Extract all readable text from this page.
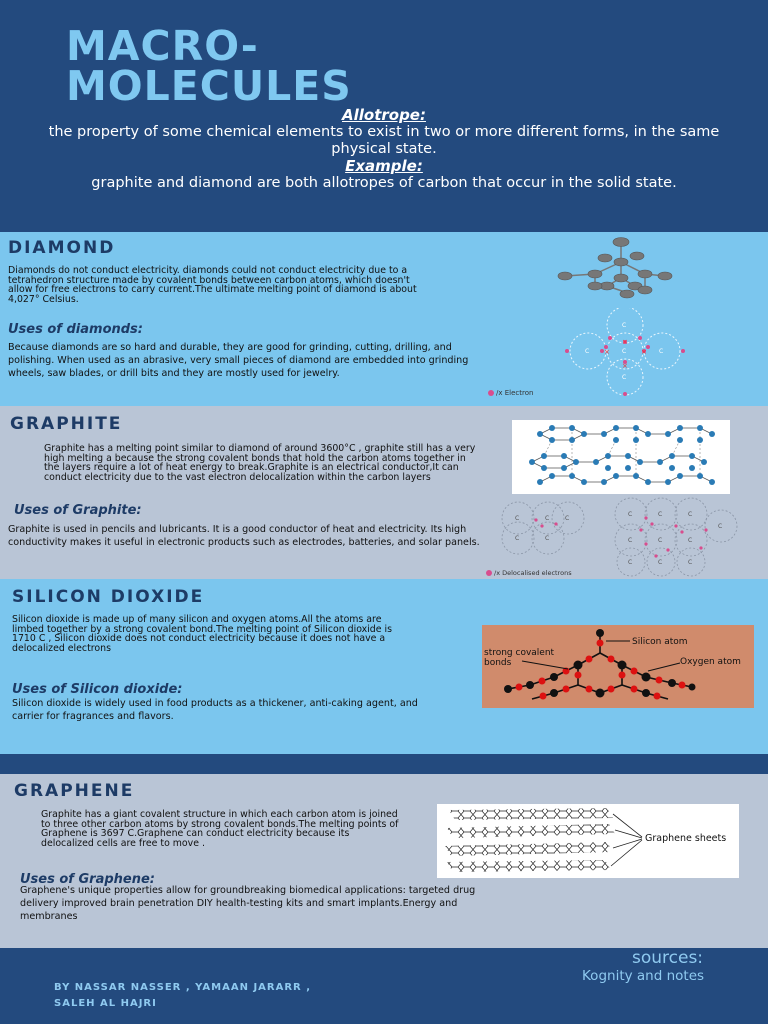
MACRO-
MOLECULES
Allotrope:
the property of some chemical elements to exist in two or more different forms, in the same physical state.
Example:
graphite and diamond are both allotropes of carbon that occur in the solid state.
DIAMOND
Diamonds do not conduct electricity. diamonds could not conduct electricity due to a tetrahedron structure made by covalent bonds between carbon atoms, which doesn't allow for free electrons to carry current.The ultimate melting point of diamond is about 4,027° Celsius.
Uses of diamonds:
Because diamonds are so hard and durable, they are good for grinding, cutting, drilling, and polishing. When used as an abrasive, very small pieces of diamond are embedded into grinding wheels, saw blades, or drill bits and they are mostly used for jewelry.
C
C	C	C
C
×	×
×
×
/x Electron
GRAPHITE
Graphite has a melting point similar to diamond of around 3600°C , graphite still has a very high melting a because the strong covalent bonds that hold the carbon atoms together in the layers require a lot of heat energy to break.Graphite is an electrical conductor,It can conduct electricity due to the vast electron delocalization within the carbon layers
Uses of Graphite:
Graphite is used in pencils and lubricants. It is a good conductor of heat and electricity. Its high conductivity makes it useful in electronic products such as electrodes, batteries, and solar panels.
C	C	C
C	C
C	C	C
C
C	C	C
C	C	C
/x Delocalised electrons
SILICON DIOXIDE
Silicon dioxide is made up of many silicon and oxygen atoms.All the atoms are limbed together by a strong covalent bond.The melting point of Silicon dioxide is 1710 C , Silicon dioxide does not conduct electricity because it does not have a delocalized electrons
Uses of Silicon dioxide:
Silicon dioxide is widely used in food products as a thickener, anti-caking agent, and carrier for fragrances and flavors.
Silicon atom
strong covalent
bonds	Oxygen atom
GRAPHENE
Graphite has a giant covalent structure in which each carbon atom is joined to three other carbon atoms by strong covalent bonds.The melting points of Graphene is 3697 C.Graphene can conduct electricity because its delocalized cells are free to move .
Uses of Graphene:
Graphene's unique properties allow for groundbreaking biomedical applications: targeted drug delivery improved brain penetration DIY health-testing kits and smart implants.Energy and membranes
Graphene sheets
sources:
Kognity and notes
BY NASSAR NASSER , YAMAAN JARARR ,
SALEH AL HAJRI
